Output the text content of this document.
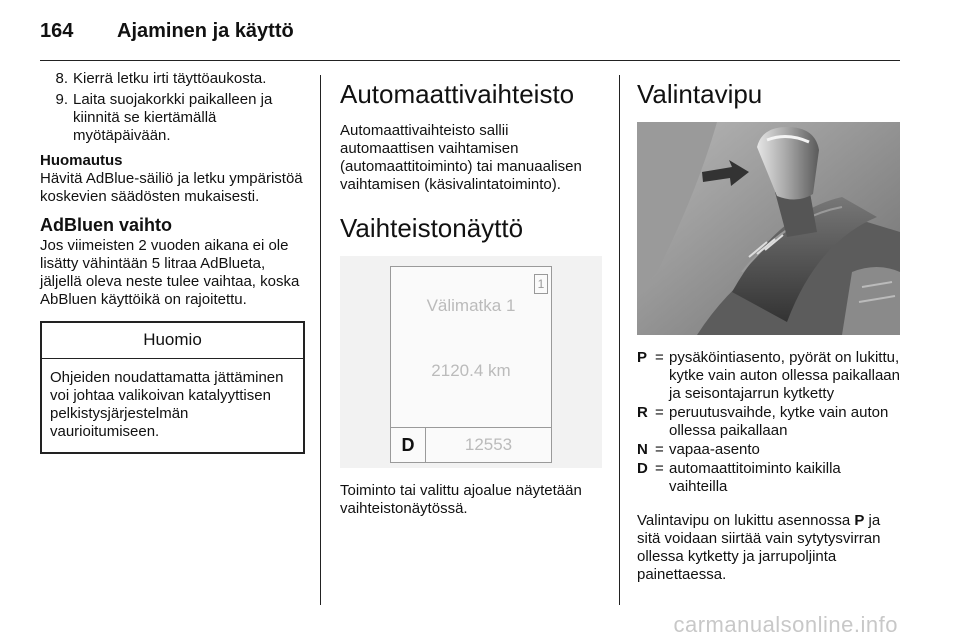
164 Ajaminen ja käyttö
8. Kierrä letku irti täyttöaukosta.
9. Laita suojakorkki paikalleen ja kiinnitä se kiertämällä myötäpäivään.
Huomautus

Hävitä AdBlue-säiliö ja letku ympäristöä koskevien säädösten mukaisesti.

AdBluen vaihto

Jos viimeisten 2 vuoden aikana ei ole lisätty vähintään 5 litraa AdBlueta, jäljellä oleva neste tulee vaihtaa, koska AbBluen käyttöikä on rajoitettu.

Huomio
Ohjeiden noudattamatta jättäminen voi johtaa valikoivan katalyyttisen pelkistysjärjestelmän vaurioitumiseen.
Automaattivaihteisto

Automaattivaihteisto sallii automaattisen vaihtamisen (automaattitoiminto) tai manuaalisen vaihtamisen (käsivalintatoiminto).

Vaihteistonäyttö
1
Välimatka 1
2120.4 km
D	12553

Toiminto tai valittu ajoalue näytetään vaihteistonäytössä.

Valintavipu
P = pysäköintiasento, pyörät on lukittu, kytke vain auton ollessa paikallaan ja seisontajarrun kytketty
R = peruutusvaihde, kytke vain auton ollessa paikallaan
N = vapaa-asento
D = automaattitoiminto kaikilla vaihteilla

Valintavipu on lukittu asennossa P ja sitä voidaan siirtää vain sytytysvirran ollessa kytketty ja jarrupoljinta painettaessa.

carmanualsonline.info
